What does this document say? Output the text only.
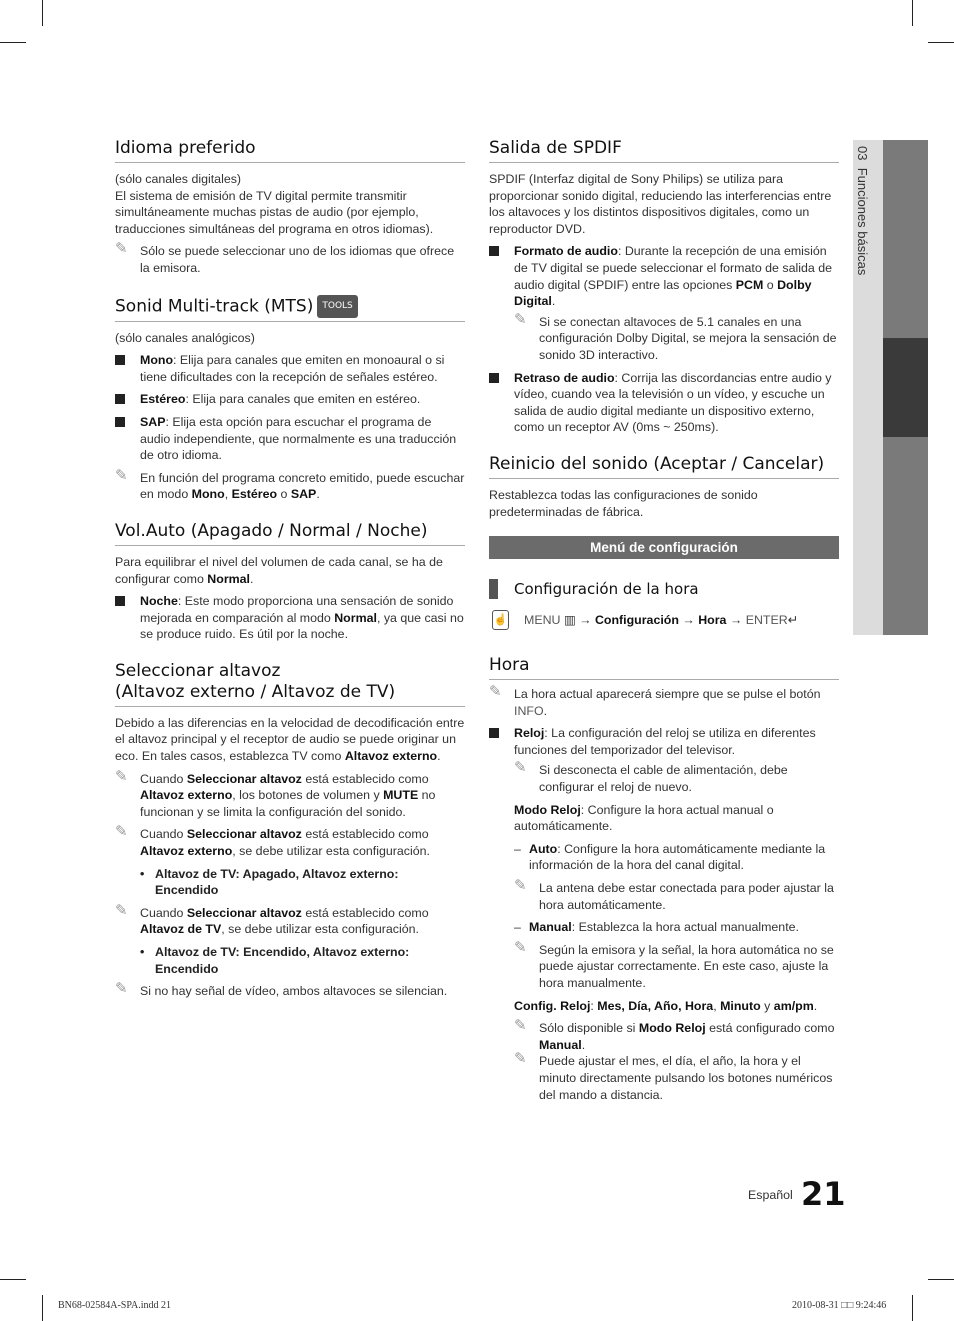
03  Funciones básicas
Idioma preferido

(sólo canales digitales)

El sistema de emisión de TV digital permite transmitir simultáneamente muchas pistas de audio (por ejemplo, traducciones simultáneas del programa en otros idiomas).

✎ Sólo se puede seleccionar uno de los idiomas que ofrece la emisora.
Sonid Multi-track (MTS) TOOLS

(sólo canales analógicos)

Mono: Elija para canales que emiten en monoaural o si tiene dificultades con la recepción de señales estéreo.
Estéreo: Elija para canales que emiten en estéreo.
SAP: Elija esta opción para escuchar el programa de audio independiente, que normalmente es una traducción de otro idioma.
✎ En función del programa concreto emitido, puede escuchar en modo Mono, Estéreo o SAP.
Vol.Auto (Apagado / Normal / Noche)

Para equilibrar el nivel del volumen de cada canal, se ha de configurar como Normal.

Noche: Este modo proporciona una sensación de sonido mejorada en comparación al modo Normal, ya que casi no se produce ruido. Es útil por la noche.
Seleccionar altavoz
(Altavoz externo / Altavoz de TV)

Debido a las diferencias en la velocidad de decodificación entre el altavoz principal y el receptor de audio se puede originar un eco. En tales casos, establezca TV como Altavoz externo.

✎ Cuando Seleccionar altavoz está establecido como Altavoz externo, los botones de volumen y MUTE no funcionan y se limita la configuración del sonido.
✎ Cuando Seleccionar altavoz está establecido como Altavoz externo, se debe utilizar esta configuración.
• Altavoz de TV: Apagado, Altavoz externo: Encendido
✎ Cuando Seleccionar altavoz está establecido como Altavoz de TV, se debe utilizar esta configuración.
• Altavoz de TV: Encendido, Altavoz externo: Encendido
✎ Si no hay señal de vídeo, ambos altavoces se silencian.
Salida de SPDIF

SPDIF (Interfaz digital de Sony Philips) se utiliza para proporcionar sonido digital, reduciendo las interferencias entre los altavoces y los distintos dispositivos digitales, como un reproductor DVD.

Formato de audio: Durante la recepción de una emisión de TV digital se puede seleccionar el formato de salida de audio digital (SPDIF) entre las opciones PCM o Dolby Digital.
✎ Si se conectan altavoces de 5.1 canales en una configuración Dolby Digital, se mejora la sensación de sonido 3D interactivo.
Retraso de audio: Corrija las discordancias entre audio y vídeo, cuando vea la televisión o un vídeo, y escuche un salida de audio digital mediante un dispositivo externo, como un receptor AV (0ms ~ 250ms).
Reinicio del sonido (Aceptar / Cancelar)

Restablezca todas las configuraciones de sonido predeterminadas de fábrica.

Menú de configuración
Configuración de la hora
☝ MENU ▥ → Configuración → Hora → ENTER↵
Hora
✎ La hora actual aparecerá siempre que se pulse el botón INFO.
Reloj: La configuración del reloj se utiliza en diferentes funciones del temporizador del televisor.
✎ Si desconecta el cable de alimentación, debe configurar el reloj de nuevo.
Modo Reloj: Configure la hora actual manual o automáticamente.
– Auto: Configure la hora automáticamente mediante la información de la hora del canal digital.
✎ La antena debe estar conectada para poder ajustar la hora automáticamente.
– Manual: Establezca la hora actual manualmente.
✎ Según la emisora y la señal, la hora automática no se puede ajustar correctamente. En este caso, ajuste la hora manualmente.
Config. Reloj: Mes, Día, Año, Hora, Minuto y am/pm.
✎ Sólo disponible si Modo Reloj está configurado como Manual.
✎ Puede ajustar el mes, el día, el año, la hora y el minuto directamente pulsando los botones numéricos del mando a distancia.
Español 21
BN68-02584A-SPA.indd 21	2010-08-31 □□ 9:24:46
